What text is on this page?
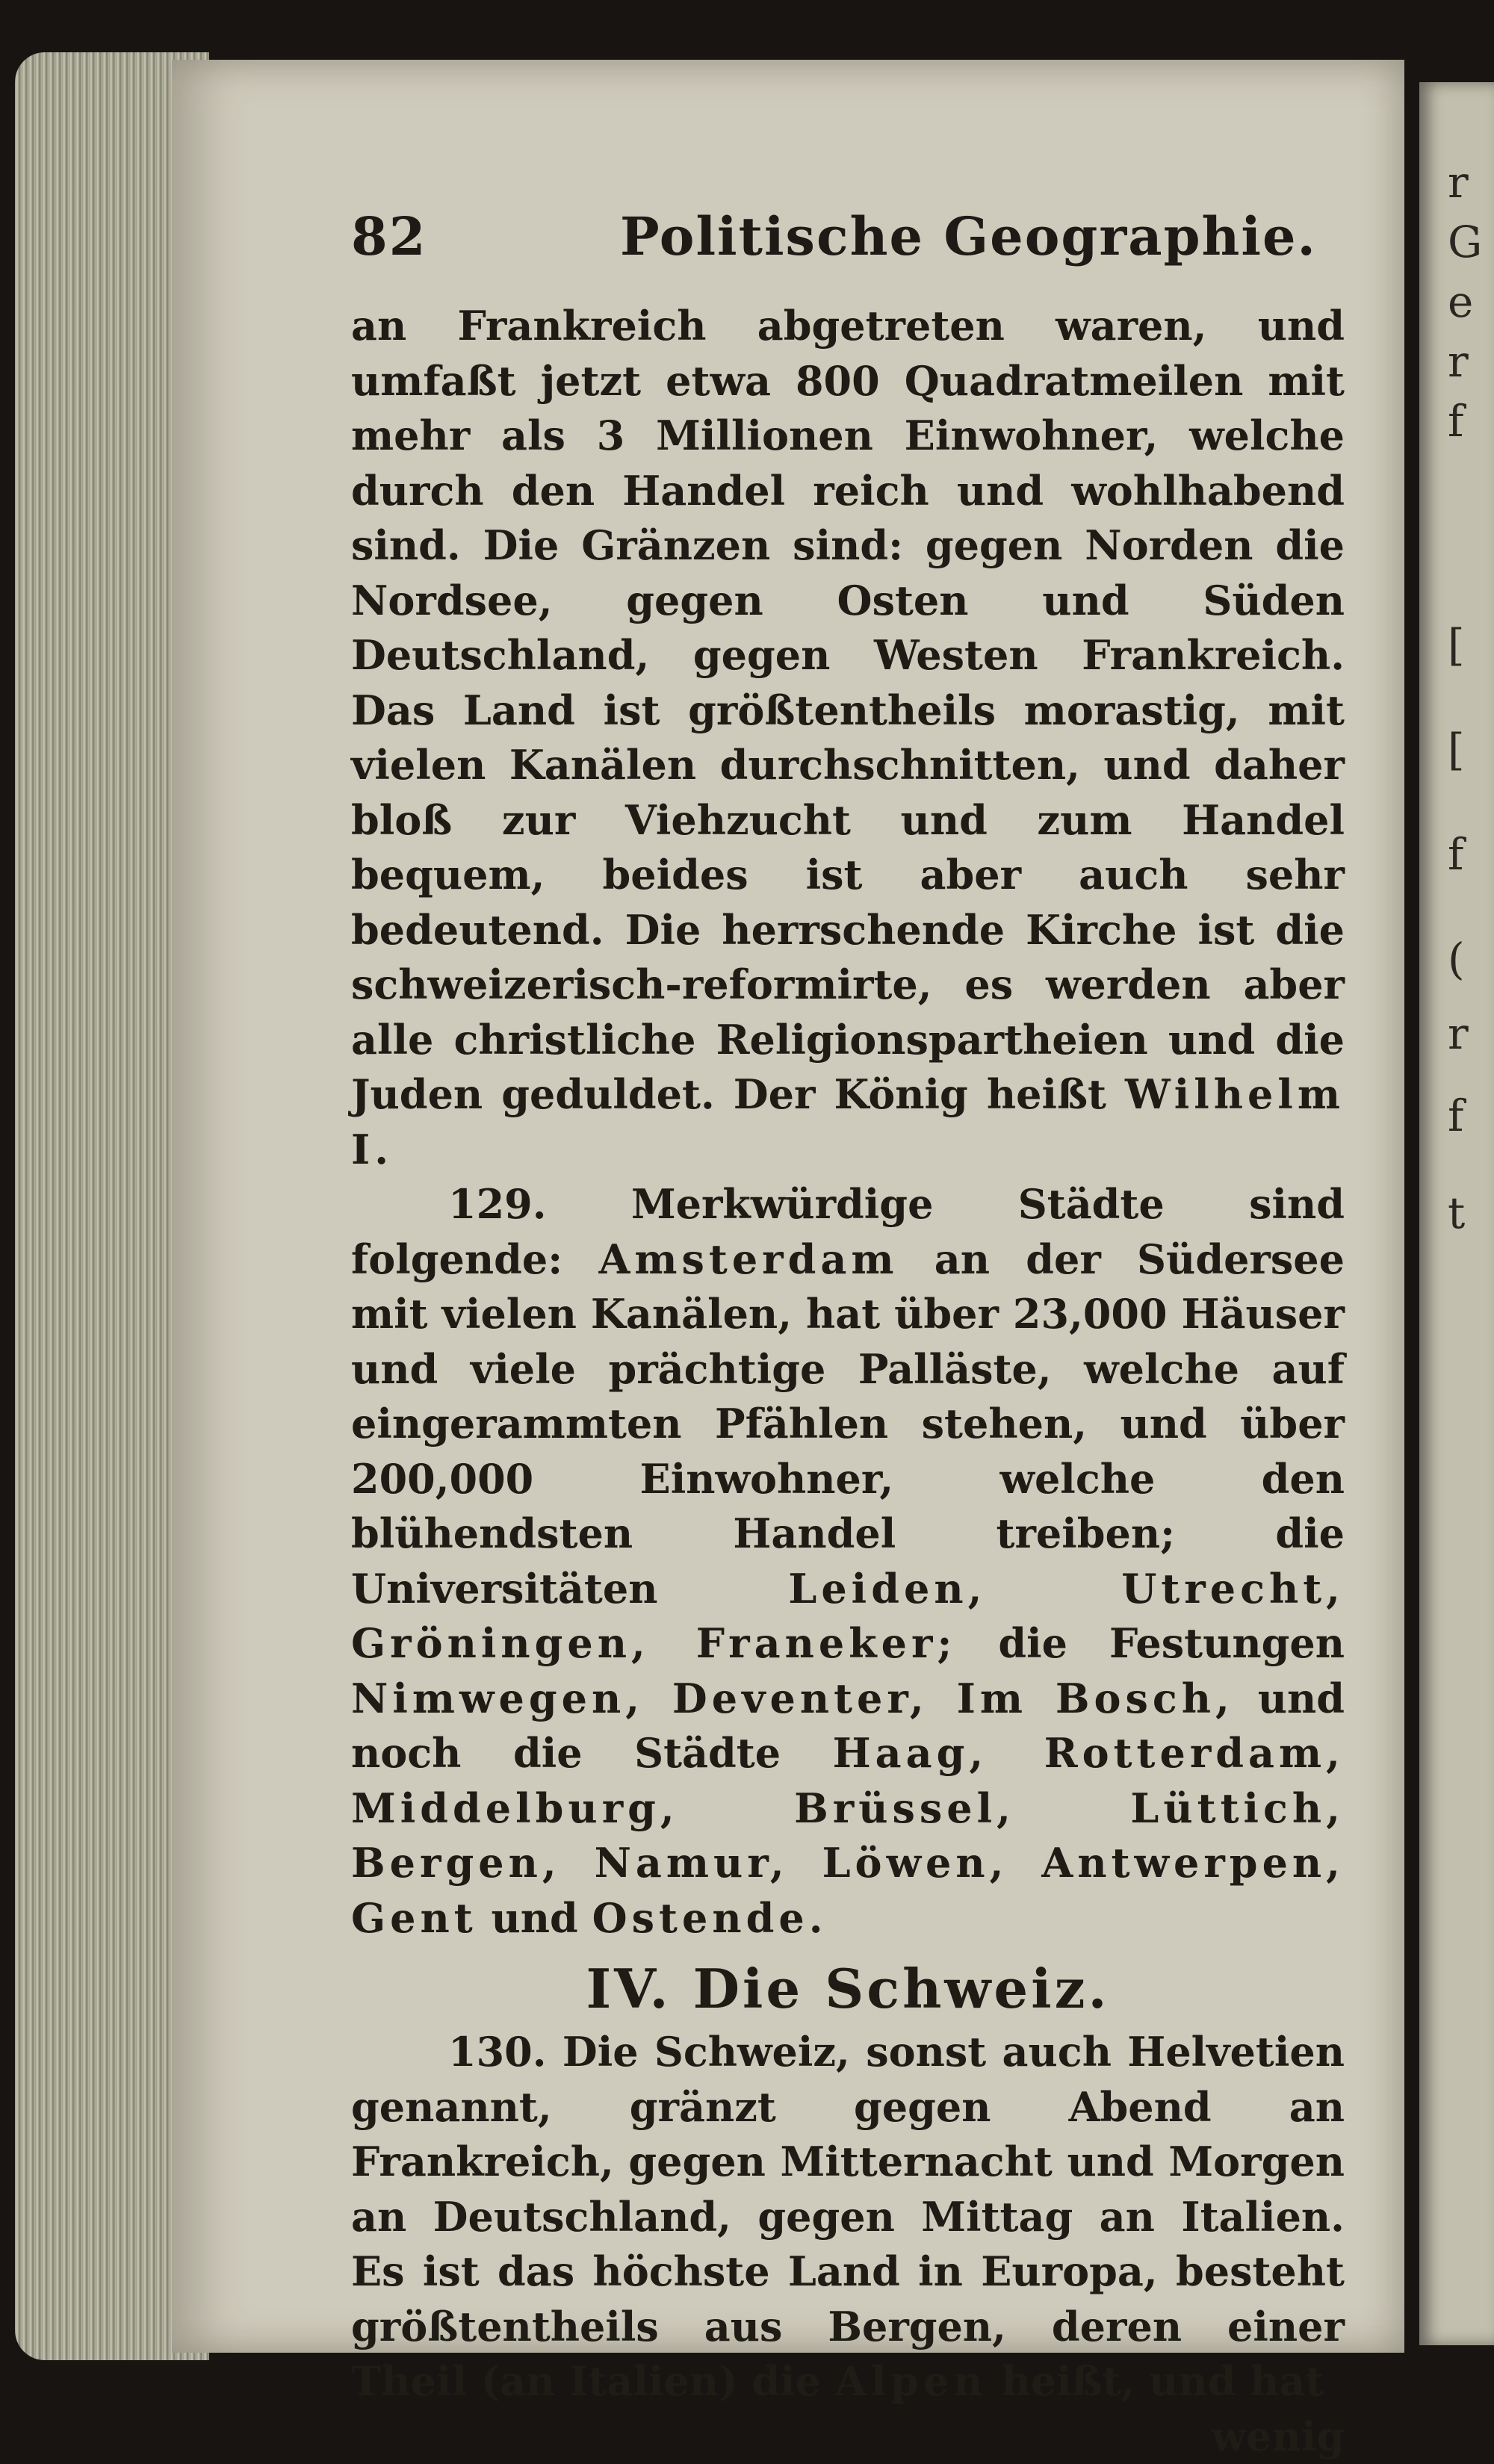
r
G
e
r
f
[
[
f
(
r
f
t
82	Politische Geographie.

an Frankreich abgetreten waren, und umfaßt jetzt etwa 800 Quadratmeilen mit mehr als 3 Millionen Einwohner, welche durch den Handel reich und wohlhabend sind. Die Gränzen sind: gegen Norden die Nordsee, gegen Osten und Süden Deutschland, gegen Westen Frankreich. Das Land ist größtentheils morastig, mit vielen Kanälen durchschnitten, und daher bloß zur Viehzucht und zum Handel bequem, beides ist aber auch sehr bedeutend. Die herrschende Kirche ist die schweizerisch-reformirte, es werden aber alle christliche Religionspartheien und die Juden geduldet. Der König heißt Wilhelm I.

129. Merkwürdige Städte sind folgende: Amsterdam an der Südersee mit vielen Kanälen, hat über 23,000 Häuser und viele prächtige Palläste, welche auf eingerammten Pfählen stehen, und über 200,000 Einwohner, welche den blühendsten Handel treiben; die Universitäten	Leiden, Utrecht, Gröningen, Franeker; die Festungen Nimwegen, Deventer, Im Bosch, und noch die Städte Haag, Rotterdam, Middelburg, Brüssel, Lüttich, Bergen, Namur, Löwen, Antwerpen, Gent und Ostende.

IV. Die Schweiz.

130. Die Schweiz, sonst auch Helvetien genannt, gränzt gegen Abend an Frankreich, gegen Mitternacht und Morgen an Deutschland, gegen Mittag an Italien. Es ist das höchste Land in Europa, besteht größtentheils aus Bergen, deren einer Theil (an Italien) die Alpen heißt, und hat

wenig
